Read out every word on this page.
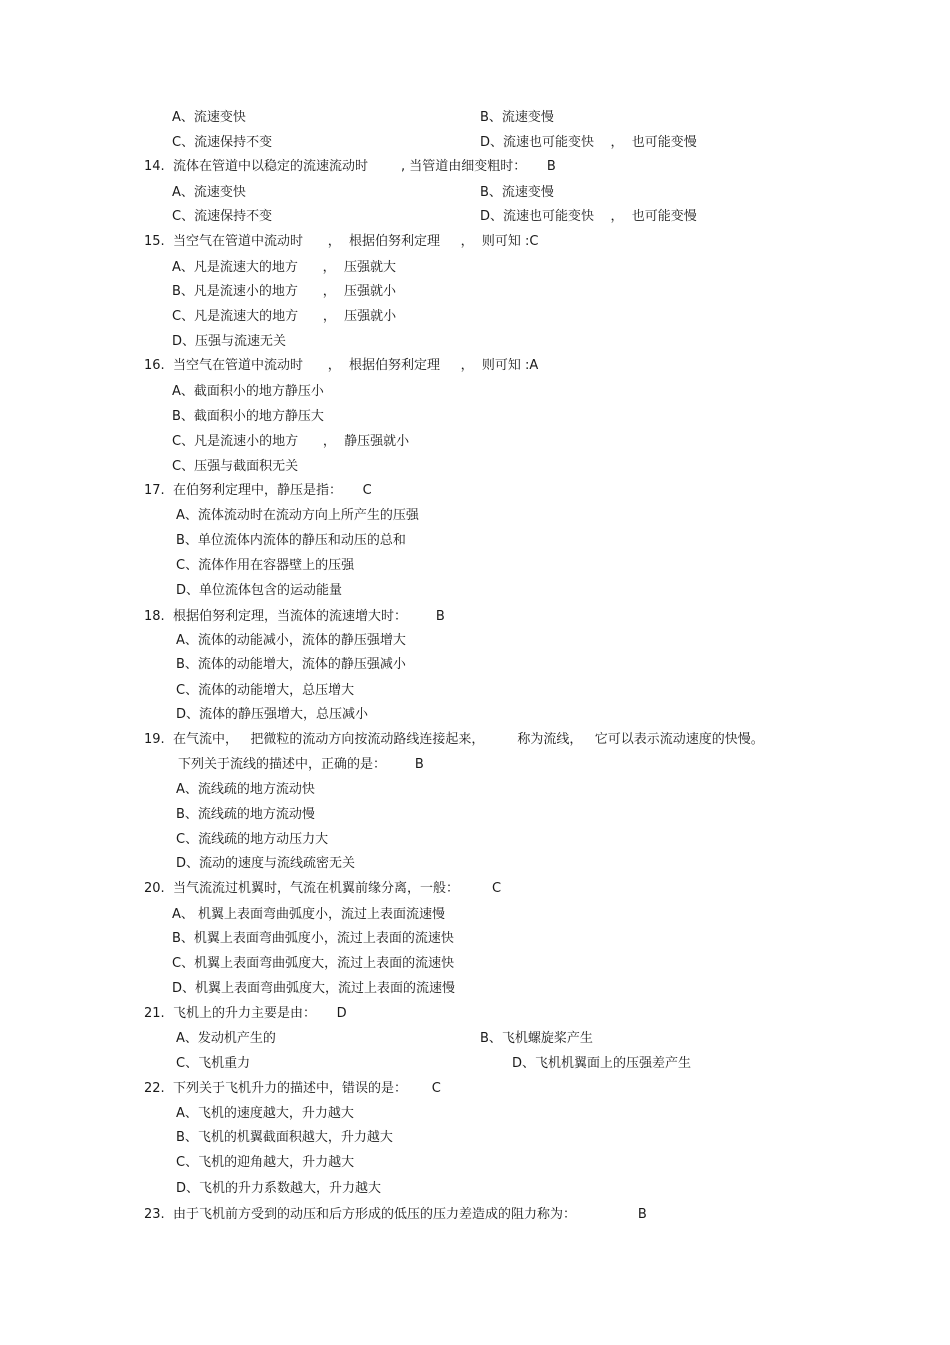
A、流速变快	B、流速变慢
C、流速保持不变	D、流速也可能变快    ，  也可能变慢
14.  流体在管道中以稳定的流速流动时        , 当管道由细变粗时：     B
A、流速变快	B、流速变慢
C、流速保持不变	D、流速也可能变快    ，  也可能变慢
15.  当空气在管道中流动时      ，  根据伯努利定理     ，  则可知 :C
A、凡是流速大的地方      ，  压强就大
B、凡是流速小的地方      ，  压强就小
C、凡是流速大的地方      ，  压强就小
D、压强与流速无关
16.  当空气在管道中流动时      ，  根据伯努利定理     ，  则可知 :A
A、截面积小的地方静压小
B、截面积小的地方静压大
C、凡是流速小的地方      ，  静压强就小
C、压强与截面积无关
17.  在伯努利定理中，静压是指：     C
A、流体流动时在流动方向上所产生的压强
B、单位流体内流体的静压和动压的总和
C、流体作用在容器壁上的压强
D、单位流体包含的运动能量
18.  根据伯努利定理，当流体的流速增大时：       B
A、流体的动能减小，流体的静压强增大
B、流体的动能增大，流体的静压强减小
C、流体的动能增大，总压增大
D、流体的静压强增大，总压减小
19.  在气流中，   把微粒的流动方向按流动路线连接起来，        称为流线，   它可以表示流动速度的快慢。
下列关于流线的描述中，正确的是：       B
A、流线疏的地方流动快
B、流线疏的地方流动慢
C、流线疏的地方动压力大
D、流动的速度与流线疏密无关
20.  当气流流过机翼时，气流在机翼前缘分离，一般：        C
A、 机翼上表面弯曲弧度小，流过上表面流速慢
B、机翼上表面弯曲弧度小，流过上表面的流速快
C、机翼上表面弯曲弧度大，流过上表面的流速快
D、机翼上表面弯曲弧度大，流过上表面的流速慢
21.  飞机上的升力主要是由：     D
A、发动机产生的	B、飞机螺旋桨产生
C、飞机重力	D、飞机机翼面上的压强差产生
22.  下列关于飞机升力的描述中，错误的是：      C
A、飞机的速度越大，升力越大
B、飞机的机翼截面积越大，升力越大
C、飞机的迎角越大，升力越大
D、飞机的升力系数越大，升力越大
23.  由于飞机前方受到的动压和后方形成的低压的压力差造成的阻力称为：               B
